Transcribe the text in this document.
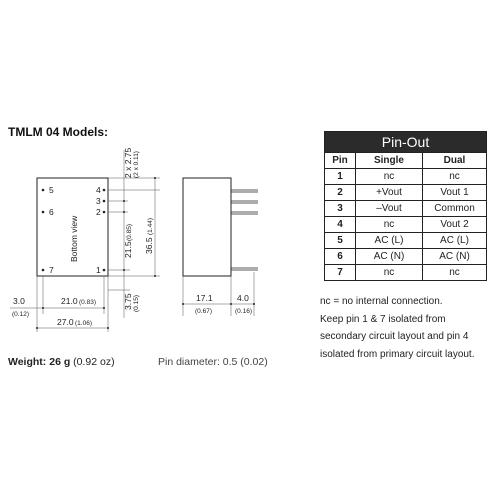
TMLM 04 Models:
5
6
7
4
3
2
1
Bottom view
2 x 2.75 (2 x 0.11)
21.5
(0.85)
36.5
(1.44)
3.75 (0.15)
3.0
(0.12)
21.0 (0.83)
27.0 (1.06)
17.1
(0.67)
4.0
(0.16)
Pin-Out		
Pin	Single	Dual
1	nc	nc
2	+Vout	Vout 1
3	–Vout	Common
4	nc	Vout 2
5	AC (L)	AC (L)
6	AC (N)	AC (N)
7	nc	nc
nc = no internal connection.
Keep pin 1 & 7 isolated from
secondary circuit layout and pin 4
isolated from primary circuit layout.
Weight: 26 g (0.92 oz)	Pin diameter: 0.5 (0.02)
